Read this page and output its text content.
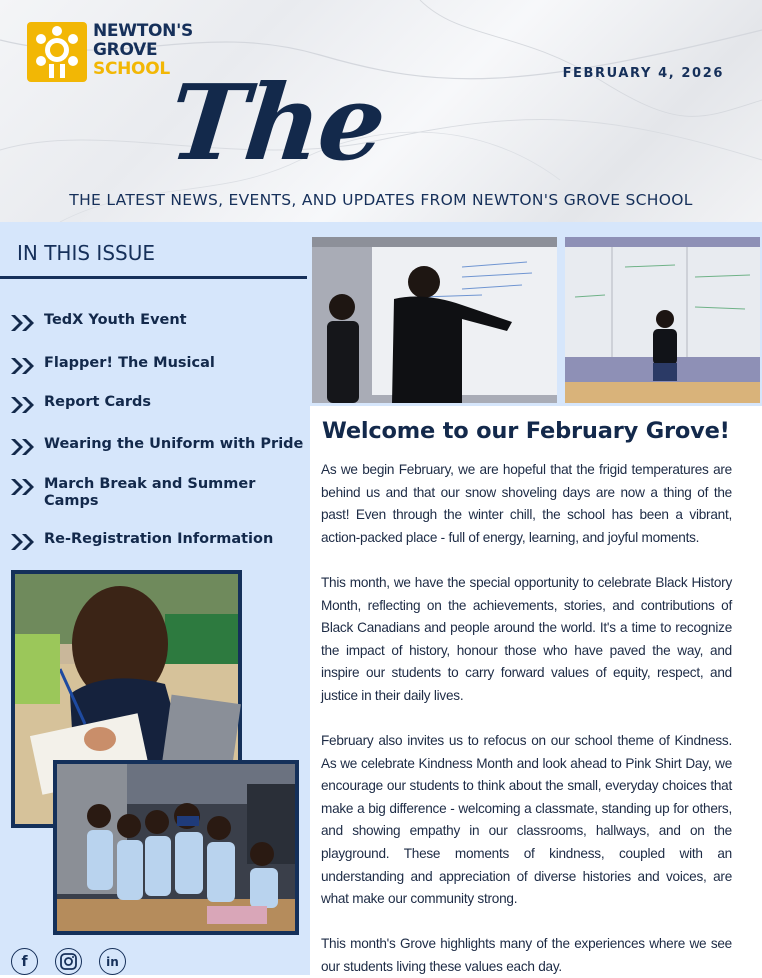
NEWTON'S
GROVE
SCHOOL	FEBRUARY 4, 2026
The
THE LATEST NEWS, EVENTS, AND UPDATES FROM NEWTON'S GROVE SCHOOL
IN THIS ISSUE
TedX Youth Event
Flapper! The Musical
Report Cards
Wearing the Uniform with Pride
March Break and Summer Camps
Re-Registration Information
f	in
Welcome to our February Grove!

As we begin February, we are hopeful that the frigid temperatures are behind us and that our snow shoveling days are now a thing of the past! Even through the winter chill, the school has been a vibrant, action-packed place - full of energy, learning, and joyful moments.

This month, we have the special opportunity to celebrate Black History Month, reflecting on the achievements, stories, and contributions of Black Canadians and people around the world. It's a time to recognize the impact of history, honour those who have paved the way, and inspire our students to carry forward values of equity, respect, and justice in their daily lives.

February also invites us to refocus on our school theme of Kindness. As we celebrate Kindness Month and look ahead to Pink Shirt Day, we encourage our students to think about the small, everyday choices that make a big difference - welcoming a classmate, standing up for others, and showing empathy in our classrooms, hallways, and on the playground. These moments of kindness, coupled with an understanding and appreciation of diverse histories and voices, are what make our community strong.

This month's Grove highlights many of the experiences where we see our students living these values each day.
